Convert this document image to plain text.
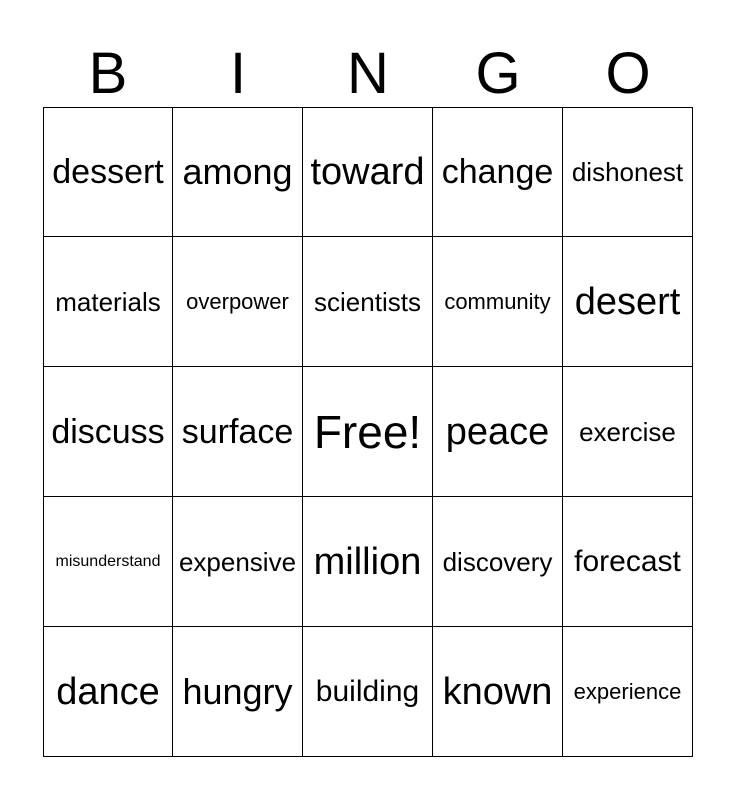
B	I	N	G	O
dessert among toward change dishonest
materials	overpower scientists	community desert
discuss surface Free! peace	exercise
misunderstand expensive million discovery forecast
dance hungry building known experience
